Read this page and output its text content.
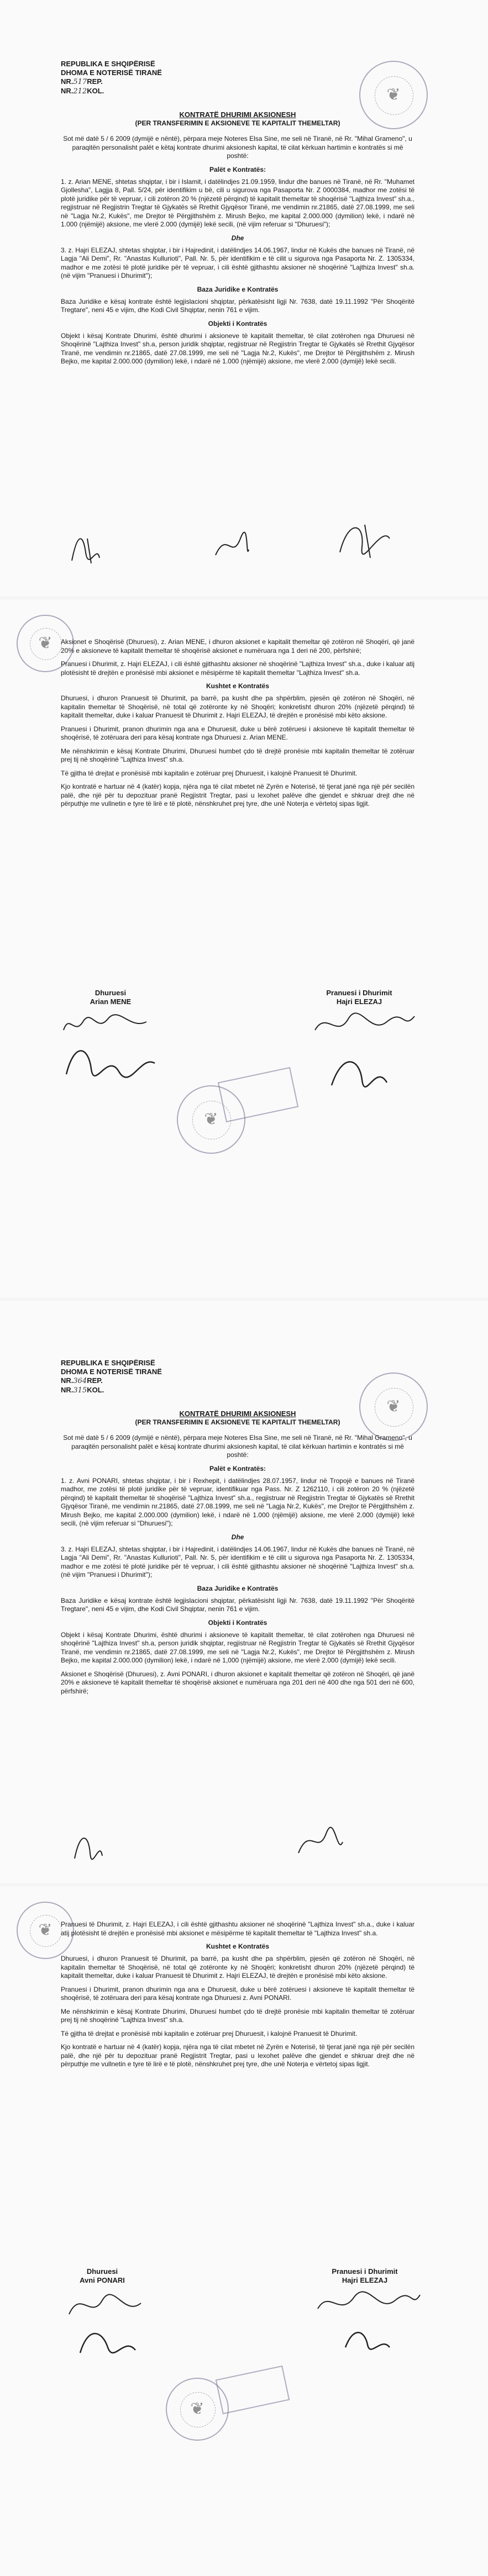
❦
REPUBLIKA E SHQIPËRISË
DHOMA E NOTERISË TIRANË
NR.517REP.
NR.212KOL.
KONTRATË DHURIMI AKSIONESH
(PER TRANSFERIMIN E AKSIONEVE TE KAPITALIT THEMELTAR)

Sot më datë 5 / 6 2009 (dymijë e nëntë), përpara meje Noteres Elsa Sine, me seli në Tiranë, në Rr. "Mihal Grameno", u paraqitën personalisht palët e këtaj kontrate dhurimi aksionesh kapital, të cilat kërkuan hartimin e kontratës si më poshtë:

Palët e Kontratës:

1. z. Arian MENE, shtetas shqiptar, i bir i Islamit, i datëlindjes 21.09.1959, lindur dhe banues në Tiranë, në Rr. "Muhamet Gjollesha", Lagjja 8, Pall. 5/24, për identifikim u bë, cili u sigurova nga Pasaporta Nr. Z 0000384, madhor me zotësi të plotë juridike për të vepruar, i cili zotëron 20 % (njëzetë përqind) të kapitalit themeltar të shoqërisë "Lajthiza Invest" sh.a., regjistruar në Regjistrin Tregtar të Gjykatës së Rrethit Gjyqësor Tiranë, me vendimin nr.21865, datë 27.08.1999, me seli në "Lagja Nr.2, Kukës", me Drejtor të Përgjithshëm z. Mirush Bejko, me kapital 2.000.000 (dymilion) lekë, i ndarë në 1.000 (njëmijë) aksione, me vlerë 2.000 (dymijë) lekë secili, (në vijim referuar si "Dhuruesi");

Dhe

3. z. Hajri ELEZAJ, shtetas shqiptar, i bir i Hajredinit, i datëlindjes 14.06.1967, lindur në Kukës dhe banues në Tiranë, në Lagja "Ali Demi", Rr. "Anastas Kullurioti", Pall. Nr. 5, për identifikim e të cilit u sigurova nga Pasaporta Nr. Z. 1305334, madhor e me zotësi të plotë juridike për të vepruar, i cili është gjithashtu aksioner në shoqërinë "Lajthiza Invest" sh.a. (në vijim "Pranuesi i Dhurimit");

Baza Juridike e Kontratës

Baza Juridike e kësaj kontrate është legjislacioni shqiptar, përkatësisht ligji Nr. 7638, datë 19.11.1992 "Për Shoqëritë Tregtare", neni 45 e vijim, dhe Kodi Civil Shqiptar, nenin 761 e vijim.

Objekti i Kontratës

Objekt i kësaj Kontrate Dhurimi, është dhurimi i aksioneve të kapitalit themeltar, të cilat zotërohen nga Dhuruesi në Shoqërinë "Lajthiza Invest" sh.a, person juridik shqiptar, regjistruar në Regjistrin Tregtar të Gjykatës së Rrethit Gjyqësor Tiranë, me vendimin nr.21865, datë 27.08.1999, me seli në "Lagja Nr.2, Kukës", me Drejtor të Përgjithshëm z. Mirush Bejko, me kapital 2.000.000 (dymilion) lekë, i ndarë në 1.000 (njëmijë) aksione, me vlerë 2.000 (dymijë) lekë secili.

❦	Aksionet e Shoqërisë (Dhuruesi), z. Arian MENE, i dhuron aksionet e kapitalit themeltar që zotëron në Shoqëri, që janë 20% e aksioneve të kapitalit themeltar të shoqërisë aksionet e numëruara nga 1 deri në 200, përfshirë;

Pranuesi i Dhurimit, z. Hajri ELEZAJ, i cili është gjithashtu aksioner në shoqërinë "Lajthiza Invest" sh.a., duke i kaluar atij plotësisht të drejtën e pronësisë mbi aksionet e mësipërme të kapitalit themeltar "Lajthiza Invest" sh.a.

Kushtet e Kontratës

Dhuruesi, i dhuron Pranuesit të Dhurimit, pa barrë, pa kusht dhe pa shpërblim, pjesën që zotëron në Shoqëri, në kapitalin themeltar të Shoqërisë, në total që zotëronte ky në Shoqëri; konkretisht dhuron 20% (njëzetë përqind) të kapitalit themeltar, duke i kaluar Pranuesit të Dhurimit z. Hajri ELEZAJ, të drejtën e pronësisë mbi këto aksione.

Pranuesi i Dhurimit, pranon dhurimin nga ana e Dhuruesit, duke u bërë zotëruesi i aksioneve të kapitalit themeltar të shoqërisë, të zotëruara deri para kësaj kontrate nga Dhuruesi z. Arian MENE.

Me nënshkrimin e kësaj Kontrate Dhurimi, Dhuruesi humbet çdo të drejtë pronësie mbi kapitalin themeltar të zotëruar prej tij në shoqërinë "Lajthiza Invest" sh.a.

Të gjitha të drejtat e pronësisë mbi kapitalin e zotëruar prej Dhuruesit, i kalojnë Pranuesit të Dhurimit.

Kjo kontratë e hartuar në 4 (katër) kopja, njëra nga të cilat mbetet në Zyrën e Noterisë, të tjerat janë nga një për secilën palë, dhe një për tu depozituar pranë Regjistrit Tregtar, pasi u lexohet palëve dhe gjendet e shkruar drejt dhe në përputhje me vullnetin e tyre të lirë e të plotë, nënshkruhet prej tyre, dhe unë Noterja e vërtetoj sipas ligjit.

Dhuruesi
Arian MENE
Pranuesi i Dhurimit
Hajri ELEZAJ
❦
❦
REPUBLIKA E SHQIPËRISË
DHOMA E NOTERISË TIRANË
NR.364REP.
NR.315KOL.
KONTRATË DHURIMI AKSIONESH
(PER TRANSFERIMIN E AKSIONEVE TE KAPITALIT THEMELTAR)

Sot më datë 5 / 6 2009 (dymijë e nëntë), përpara meje Noteres Elsa Sine, me seli në Tiranë, në Rr. "Mihal Grameno", u paraqitën personalisht palët e kësaj kontrate dhurimi aksionesh kapital, të cilat kërkuan hartimin e kontratës si më poshtë:

Palët e Kontratës:

1. z. Avni PONARI, shtetas shqiptar, i bir i Rexhepit, i datëlindjes 28.07.1957, lindur në Tropojë e banues në Tiranë madhor, me zotësi të plotë juridike për të vepruar, identifikuar nga Pass. Nr. Z 1262110, i cili zotëron 20 % (njëzetë përqind) të kapitalit themeltar të shoqërisë "Lajthiza Invest" sh.a., regjistruar në Regjistrin Tregtar të Gjykatës së Rrethit Gjyqësor Tiranë, me vendimin nr.21865, datë 27.08.1999, me seli në "Lagja Nr.2, Kukës", me Drejtor të Përgjithshëm z. Mirush Bejko, me kapital 2.000.000 (dymilion) lekë, i ndarë në 1.000 (njëmijë) aksione, me vlerë 2.000 (dymijë) lekë secili, (në vijim referuar si "Dhuruesi");

Dhe

3. z. Hajri ELEZAJ, shtetas shqiptar, i bir i Hajredinit, i datëlindjes 14.06.1967, lindur në Kukës dhe banues në Tiranë, në Lagja "Ali Demi", Rr. "Anastas Kullurioti", Pall. Nr. 5, për identifikim e të cilit u sigurova nga Pasaporta Nr. Z. 1305334, madhor e me zotësi të plotë juridike për të vepruar, i cili është gjithashtu aksioner në shoqërinë "Lajthiza Invest" sh.a. (në vijim "Pranuesi i Dhurimit");

Baza Juridike e Kontratës

Baza Juridike e kësaj kontrate është legjislacioni shqiptar, përkatësisht ligji Nr. 7638, datë 19.11.1992 "Për Shoqëritë Tregtare", neni 45 e vijim, dhe Kodi Civil Shqiptar, nenin 761 e vijim.

Objekti i Kontratës

Objekt i kësaj Kontrate Dhurimi, është dhurimi i aksioneve të kapitalit themeltar, të cilat zotërohen nga Dhuruesi në shoqërinë "Lajthiza Invest" sh.a, person juridik shqiptar, regjistruar në Regjistrin Tregtar të Gjykatës së Rrethit Gjyqësor Tiranë, me vendimin nr.21865, datë 27.08.1999, me seli në "Lagja Nr.2, Kukës", me Drejtor të Përgjithshëm z. Mirush Bejko, me kapital 2.000.000 (dymilion) lekë, i ndarë në 1,000 (njëmijë) aksione, me vlerë 2.000 (dymijë) lekë secili.

Aksionet e Shoqërisë (Dhuruesi), z. Avni PONARI, i dhuron aksionet e kapitalit themeltar që zotëron në Shoqëri, që janë 20% e aksioneve të kapitalit themeltar të shoqërisë aksionet e numëruara nga 201 deri në 400 dhe nga 501 deri në 600, përfshirë;

❦	Pranuesi të Dhurimit, z. Hajri ELEZAJ, i cili është gjithashtu aksioner në shoqërinë "Lajthiza Invest" sh.a., duke i kaluar atij plotësisht të drejtën e pronësisë mbi aksionet e mësipërme të kapitalit themeltar të "Lajthiza Invest" sh.a.

Kushtet e Kontratës

Dhuruesi, i dhuron Pranuesit të Dhurimit, pa barrë, pa kusht dhe pa shpërblim, pjesën që zotëron në Shoqëri, në kapitalin themeltar të Shoqërisë, në total që zotëronte ky në Shoqëri; konkretisht dhuron 20% (njëzetë përqind) të kapitalit themeltar, duke i kaluar Pranuesit të Dhurimit z. Hajri ELEZAJ, të drejtën e pronësisë mbi këto aksione.

Pranuesi i Dhurimit, pranon dhurimin nga ana e Dhuruesit, duke u bërë zotëruesi i aksioneve të kapitalit themeltar të shoqërisë, të zotëruara deri para kësaj kontrate nga Dhuruesi z. Avni PONARI.

Me nënshkrimin e kësaj Kontrate Dhurimi, Dhuruesi humbet çdo të drejtë pronësie mbi kapitalin themeltar të zotëruar prej tij në shoqërinë "Lajthiza Invest" sh.a.

Të gjitha të drejtat e pronësisë mbi kapitalin e zotëruar prej Dhuruesit, i kalojnë Pranuesit të Dhurimit.

Kjo kontratë e hartuar në 4 (katër) kopja, njëra nga të cilat mbetet në Zyrën e Noterisë, të tjerat janë nga një për secilën palë, dhe një për tu depozituar pranë Regjistrit Tregtar, pasi u lexohet palëve dhe gjendet e shkruar drejt dhe në përputhje me vullnetin e tyre të lirë e të plotë, nënshkruhet prej tyre, dhe unë Noterja e vërtetoj sipas ligjit.

Dhuruesi
Avni PONARI
Pranuesi i Dhurimit
Hajri ELEZAJ
❦
